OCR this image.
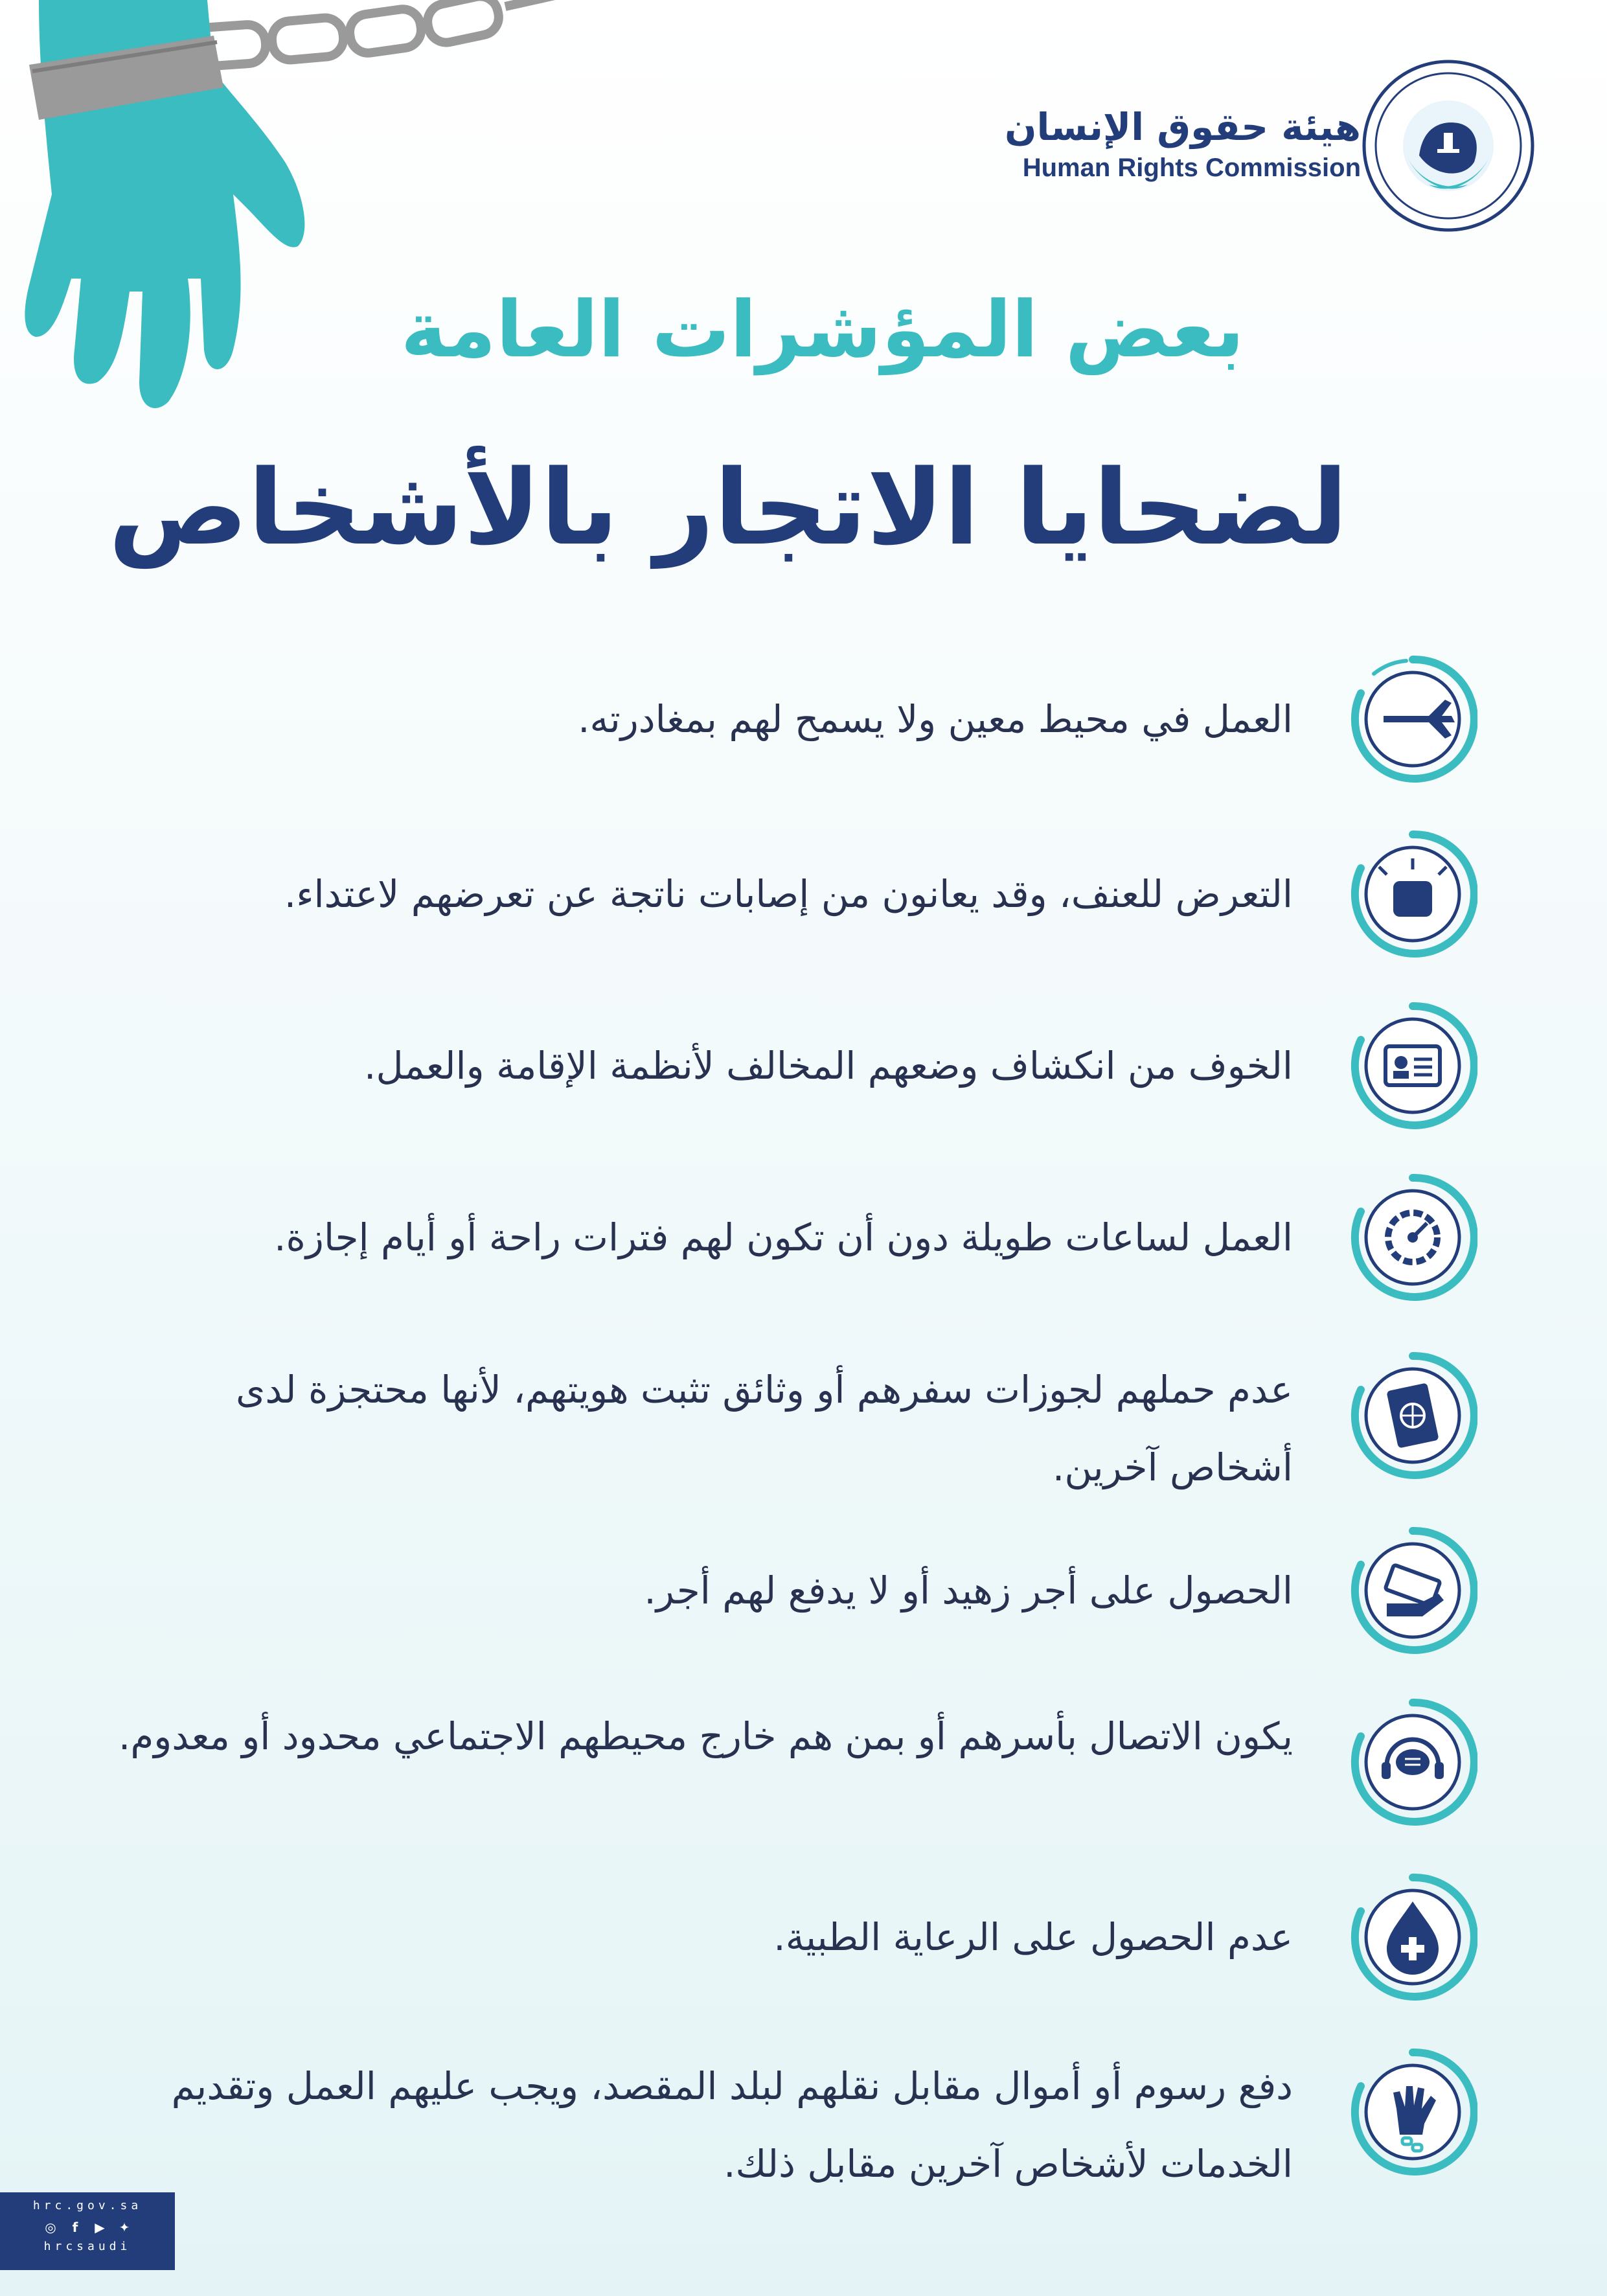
هيئة حقوق الإنسان
Human Rights Commission
بعض المؤشرات العامة
لضحايا الاتجار بالأشخاص
العمل في محيط معين ولا يسمح لهم بمغادرته.
التعرض للعنف، وقد يعانون من إصابات ناتجة عن تعرضهم لاعتداء.
الخوف من انكشاف وضعهم المخالف لأنظمة الإقامة والعمل.
العمل لساعات طويلة دون أن تكون لهم فترات راحة أو أيام إجازة.
عدم حملهم لجوزات سفرهم أو وثائق تثبت هويتهم، لأنها محتجزة لدى أشخاص آخرين.
الحصول على أجر زهيد أو لا يدفع لهم أجر.
يكون الاتصال بأسرهم أو بمن هم خارج محيطهم الاجتماعي محدود أو معدوم.
عدم الحصول على الرعاية الطبية.
دفع رسوم أو أموال مقابل نقلهم لبلد المقصد، ويجب عليهم العمل وتقديم الخدمات لأشخاص آخرين مقابل ذلك.
hrc.gov.sa
◎	f	▶ ✦
hrcsaudi
